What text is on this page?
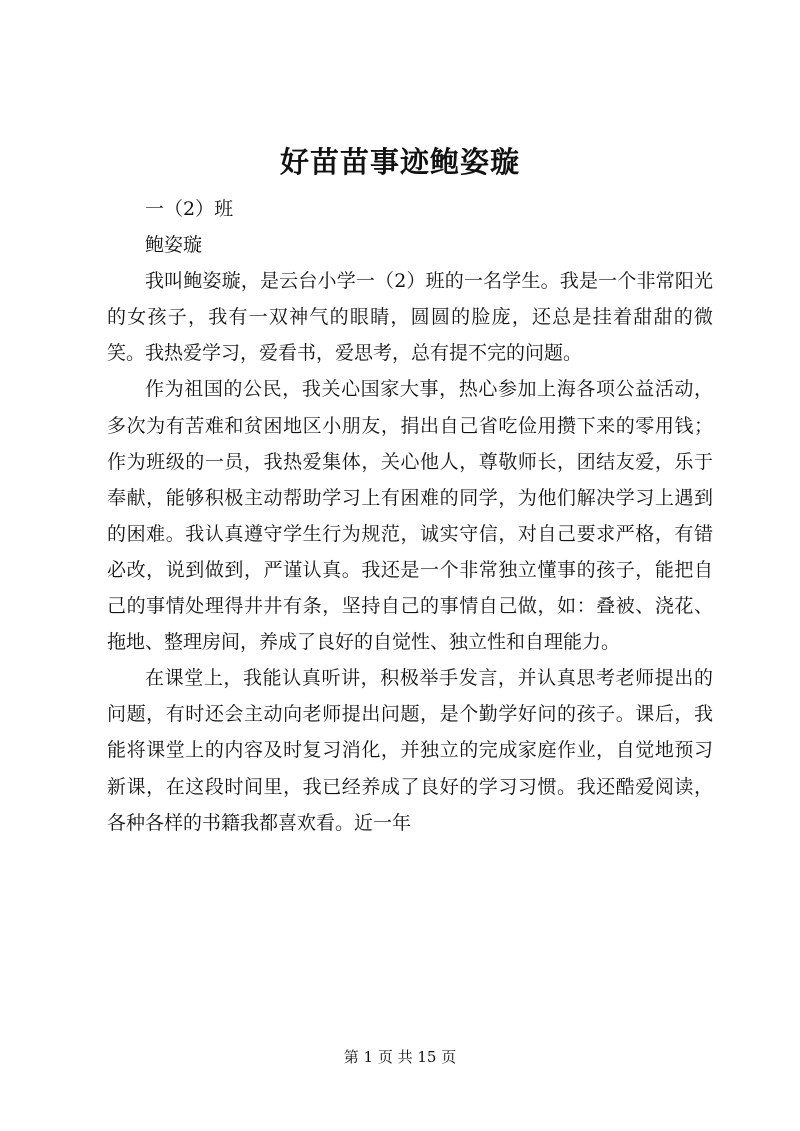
好苗苗事迹鲍姿璇

一（2）班

鲍姿璇

我叫鲍姿璇，是云台小学一（2）班的一名学生。我是一个非常阳光的女孩子，我有一双神气的眼睛，圆圆的脸庞，还总是挂着甜甜的微笑。我热爱学习，爱看书，爱思考，总有提不完的问题。

作为祖国的公民，我关心国家大事，热心参加上海各项公益活动，多次为有苦难和贫困地区小朋友，捐出自己省吃俭用攒下来的零用钱；作为班级的一员，我热爱集体，关心他人，尊敬师长，团结友爱，乐于奉献，能够积极主动帮助学习上有困难的同学，为他们解决学习上遇到的困难。我认真遵守学生行为规范，诚实守信，对自己要求严格，有错必改，说到做到，严谨认真。我还是一个非常独立懂事的孩子，能把自己的事情处理得井井有条，坚持自己的事情自己做，如：叠被、浇花、拖地、整理房间，养成了良好的自觉性、独立性和自理能力。

在课堂上，我能认真听讲，积极举手发言，并认真思考老师提出的问题，有时还会主动向老师提出问题，是个勤学好问的孩子。课后，我能将课堂上的内容及时复习消化，并独立的完成家庭作业，自觉地预习新课，在这段时间里，我已经养成了良好的学习习惯。我还酷爱阅读，各种各样的书籍我都喜欢看。近一年

第 1 页 共 15 页
